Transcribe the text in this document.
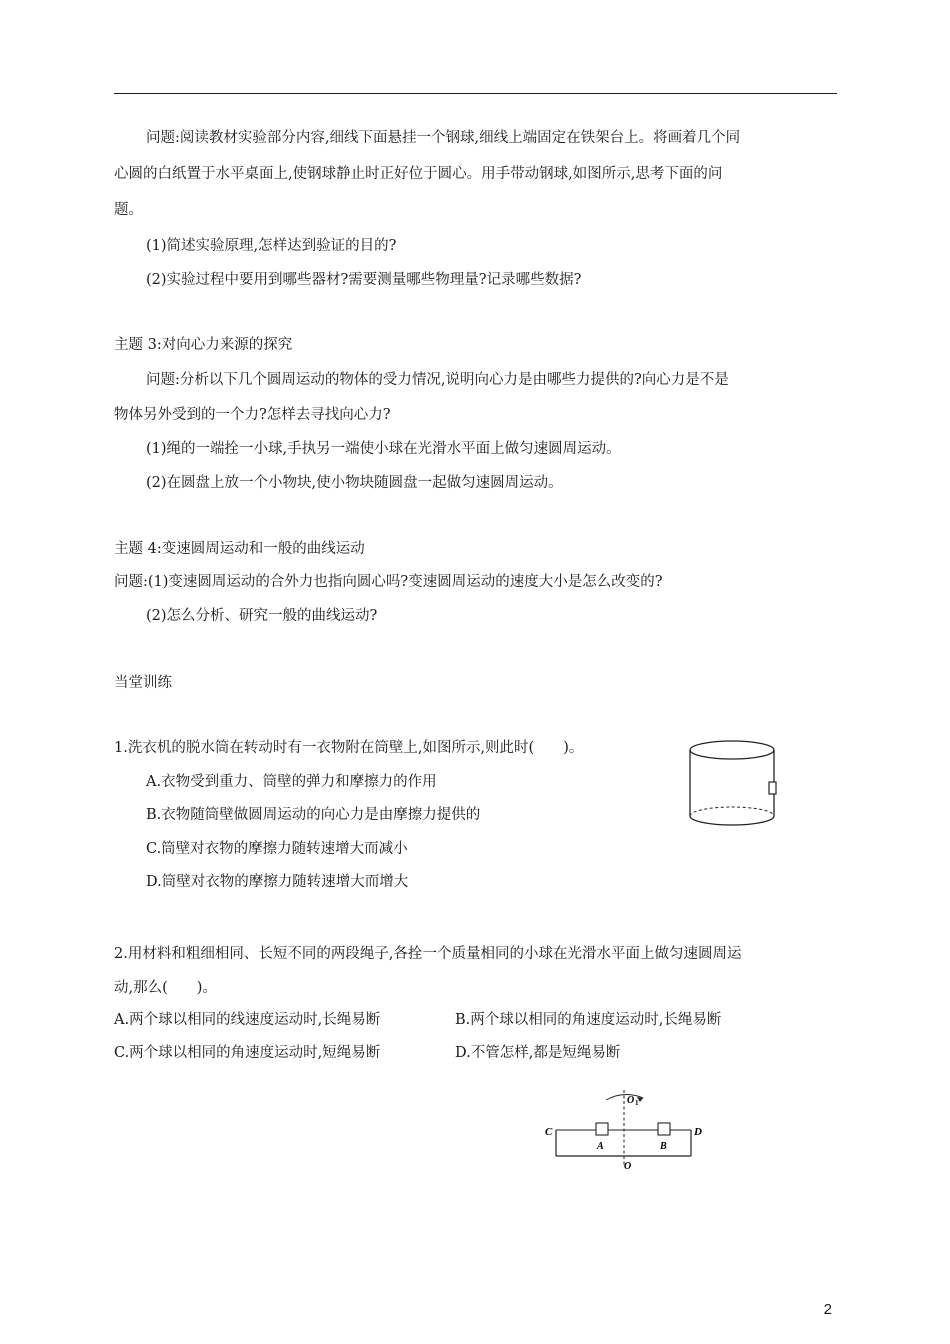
问题:阅读教材实验部分内容,细线下面悬挂一个钢球,细线上端固定在铁架台上。将画着几个同
心圆的白纸置于水平桌面上,使钢球静止时正好位于圆心。用手带动钢球,如图所示,思考下面的问
题。
(1)简述实验原理,怎样达到验证的目的?
(2)实验过程中要用到哪些器材?需要测量哪些物理量?记录哪些数据?
主题 3:对向心力来源的探究
问题:分析以下几个圆周运动的物体的受力情况,说明向心力是由哪些力提供的?向心力是不是
物体另外受到的一个力?怎样去寻找向心力?
(1)绳的一端拴一小球,手执另一端使小球在光滑水平面上做匀速圆周运动。
(2)在圆盘上放一个小物块,使小物块随圆盘一起做匀速圆周运动。
主题 4:变速圆周运动和一般的曲线运动
问题:(1)变速圆周运动的合外力也指向圆心吗?变速圆周运动的速度大小是怎么改变的?
(2)怎么分析、研究一般的曲线运动?
当堂训练
1.洗衣机的脱水筒在转动时有一衣物附在筒壁上,如图所示,则此时(　　)。
A.衣物受到重力、筒壁的弹力和摩擦力的作用
B.衣物随筒壁做圆周运动的向心力是由摩擦力提供的
C.筒壁对衣物的摩擦力随转速增大而减小
D.筒壁对衣物的摩擦力随转速增大而增大
2.用材料和粗细相同、长短不同的两段绳子,各拴一个质量相同的小球在光滑水平面上做匀速圆周运
动,那么(　　)。
A.两个球以相同的线速度运动时,长绳易断	B.两个球以相同的角速度运动时,长绳易断
C.两个球以相同的角速度运动时,短绳易断	D.不管怎样,都是短绳易断
C	D
A	B
O
O 1
2
